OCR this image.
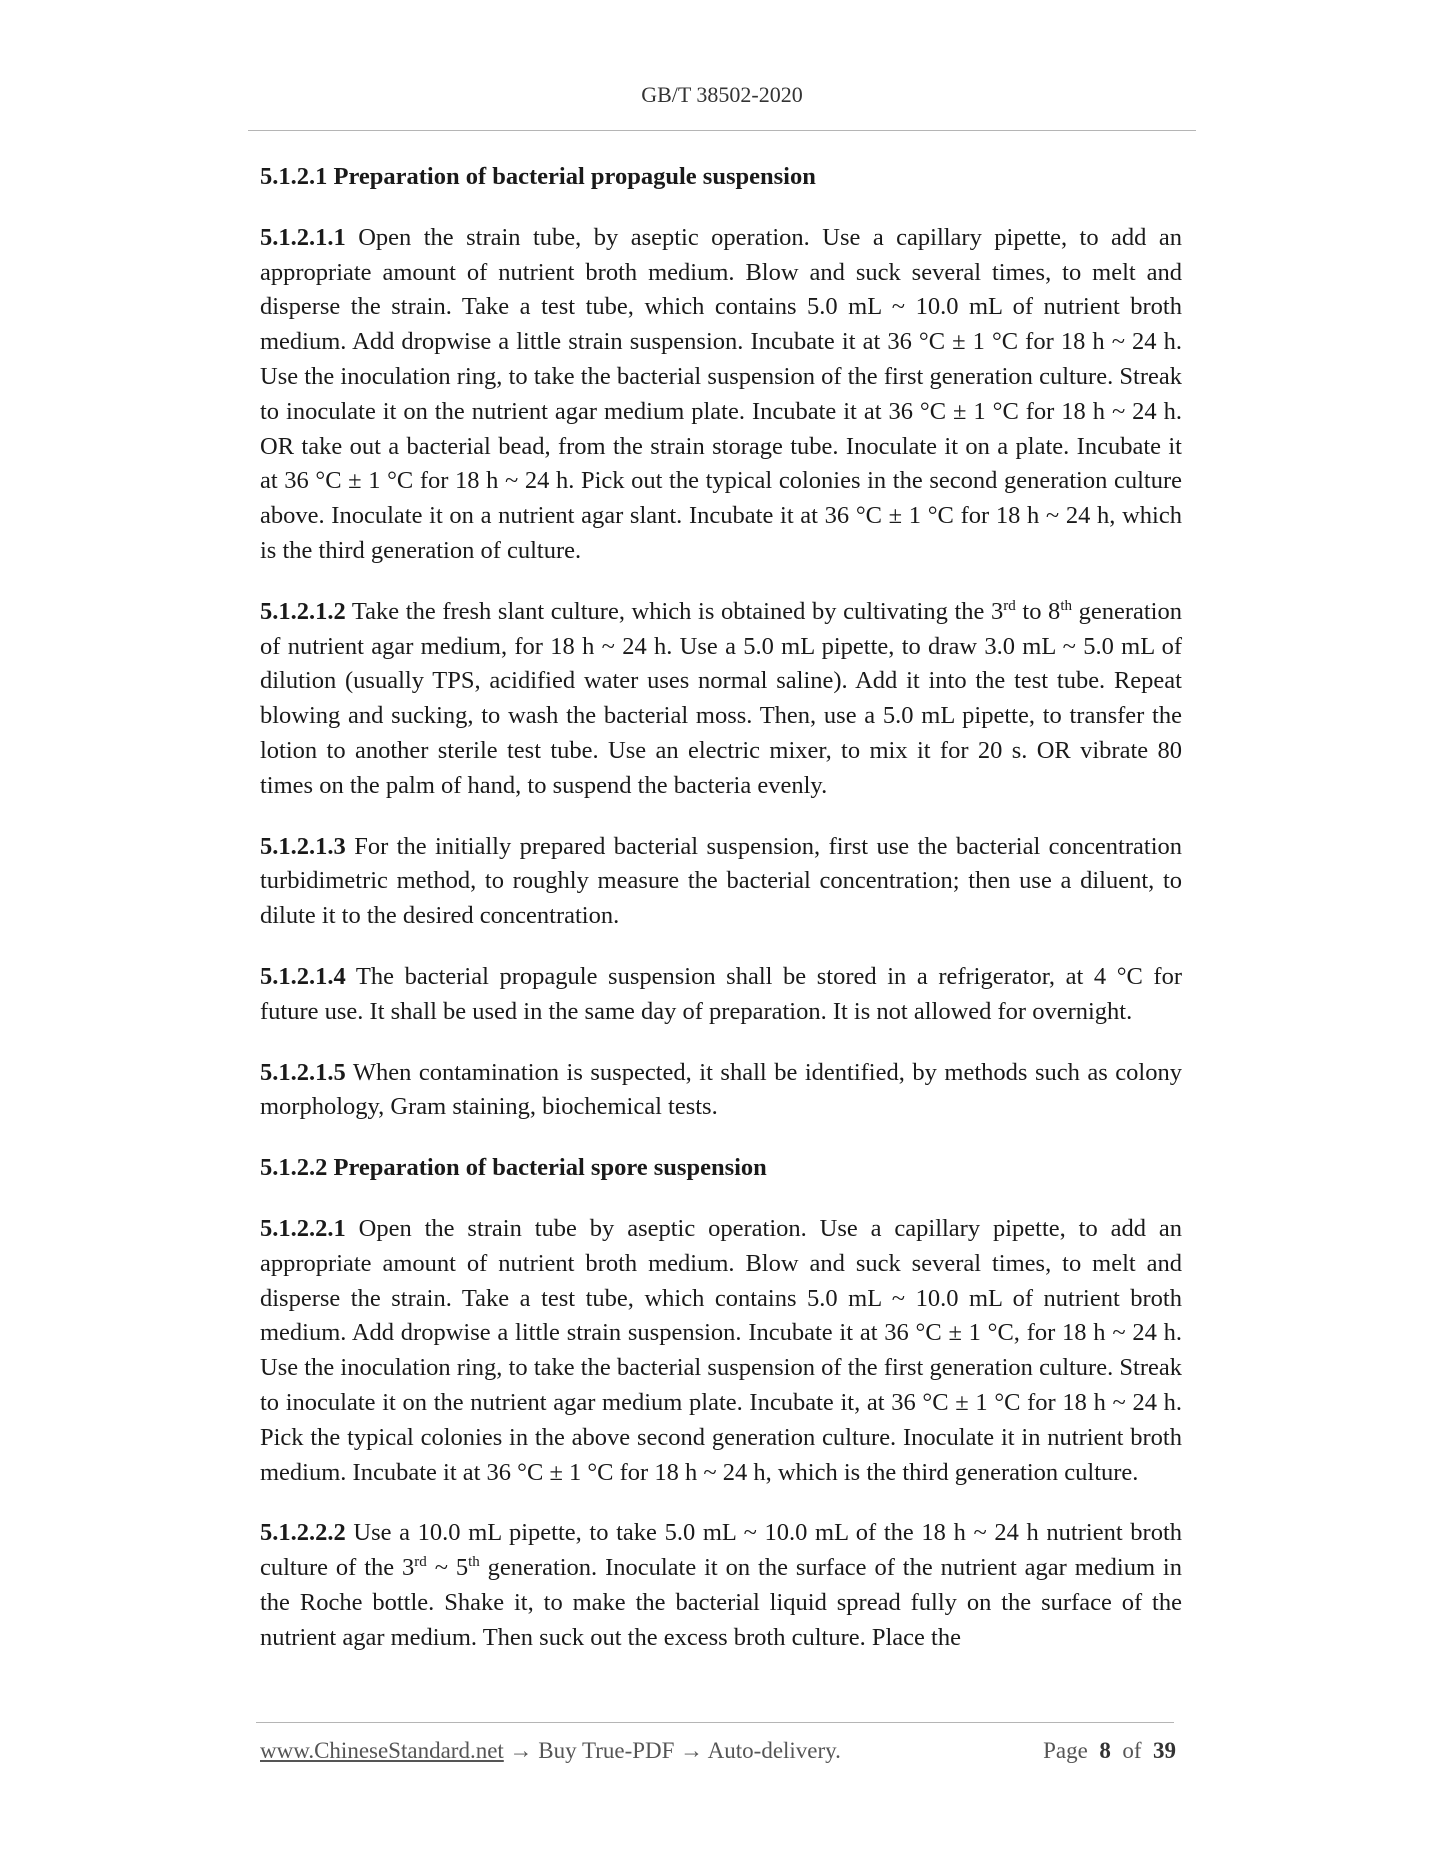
GB/T 38502-2020
5.1.2.1 Preparation of bacterial propagule suspension

5.1.2.1.1 Open the strain tube, by aseptic operation. Use a capillary pipette, to add an appropriate amount of nutrient broth medium. Blow and suck several times, to melt and disperse the strain. Take a test tube, which contains 5.0 mL ~ 10.0 mL of nutrient broth medium. Add dropwise a little strain suspension. Incubate it at 36 °C ± 1 °C for 18 h ~ 24 h. Use the inoculation ring, to take the bacterial suspension of the first generation culture. Streak to inoculate it on the nutrient agar medium plate. Incubate it at 36 °C ± 1 °C for 18 h ~ 24 h. OR take out a bacterial bead, from the strain storage tube. Inoculate it on a plate. Incubate it at 36 °C ± 1 °C for 18 h ~ 24 h. Pick out the typical colonies in the second generation culture above. Inoculate it on a nutrient agar slant. Incubate it at 36 °C ± 1 °C for 18 h ~ 24 h, which is the third generation of culture.

5.1.2.1.2 Take the fresh slant culture, which is obtained by cultivating the 3rd to 8th generation of nutrient agar medium, for 18 h ~ 24 h. Use a 5.0 mL pipette, to draw 3.0 mL ~ 5.0 mL of dilution (usually TPS, acidified water uses normal saline). Add it into the test tube. Repeat blowing and sucking, to wash the bacterial moss. Then, use a 5.0 mL pipette, to transfer the lotion to another sterile test tube. Use an electric mixer, to mix it for 20 s. OR vibrate 80 times on the palm of hand, to suspend the bacteria evenly.

5.1.2.1.3 For the initially prepared bacterial suspension, first use the bacterial concentration turbidimetric method, to roughly measure the bacterial concentration; then use a diluent, to dilute it to the desired concentration.

5.1.2.1.4 The bacterial propagule suspension shall be stored in a refrigerator, at 4 °C for future use. It shall be used in the same day of preparation. It is not allowed for overnight.

5.1.2.1.5 When contamination is suspected, it shall be identified, by methods such as colony morphology, Gram staining, biochemical tests.

5.1.2.2 Preparation of bacterial spore suspension

5.1.2.2.1 Open the strain tube by aseptic operation. Use a capillary pipette, to add an appropriate amount of nutrient broth medium. Blow and suck several times, to melt and disperse the strain. Take a test tube, which contains 5.0 mL ~ 10.0 mL of nutrient broth medium. Add dropwise a little strain suspension. Incubate it at 36 °C ± 1 °C, for 18 h ~ 24 h. Use the inoculation ring, to take the bacterial suspension of the first generation culture. Streak to inoculate it on the nutrient agar medium plate. Incubate it, at 36 °C ± 1 °C for 18 h ~ 24 h. Pick the typical colonies in the above second generation culture. Inoculate it in nutrient broth medium. Incubate it at 36 °C ± 1 °C for 18 h ~ 24 h, which is the third generation culture.

5.1.2.2.2 Use a 10.0 mL pipette, to take 5.0 mL ~ 10.0 mL of the 18 h ~ 24 h nutrient broth culture of the 3rd ~ 5th generation. Inoculate it on the surface of the nutrient agar medium in the Roche bottle. Shake it, to make the bacterial liquid spread fully on the surface of the nutrient agar medium. Then suck out the excess broth culture. Place the

www.ChineseStandard.net → Buy True-PDF → Auto-delivery.	Page 8 of 39
